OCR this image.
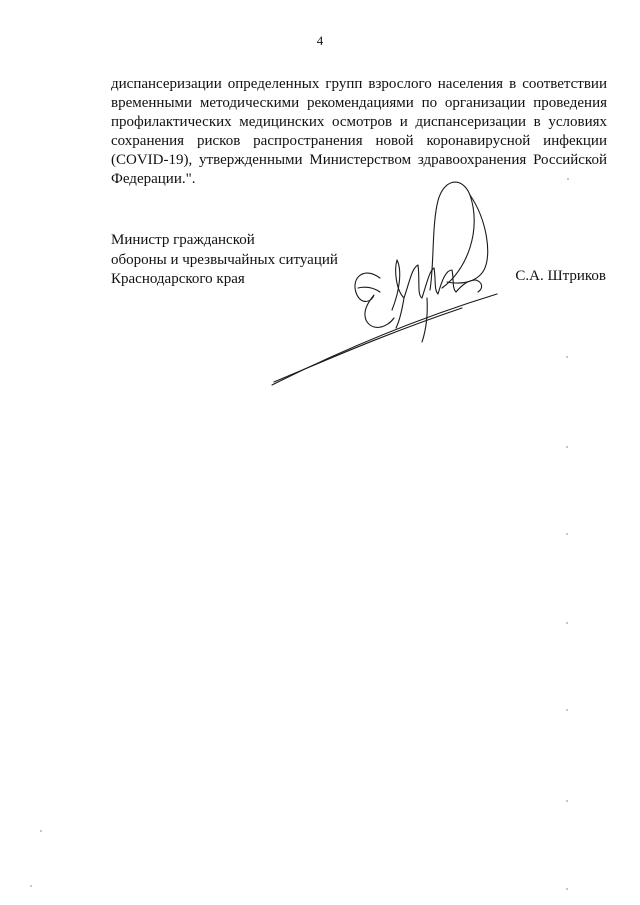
4
диспансеризации определенных групп взрослого населения в соответствии
временными методическими рекомендациями по организации проведения
профилактических медицинских осмотров и диспансеризации в условиях
сохранения рисков распространения новой коронавирусной инфекции
(COVID-19), утвержденными Министерством здравоохранения Российской
Федерации.".
Министр гражданской
обороны и чрезвычайных ситуаций
Краснодарского края	С.А. Штриков
